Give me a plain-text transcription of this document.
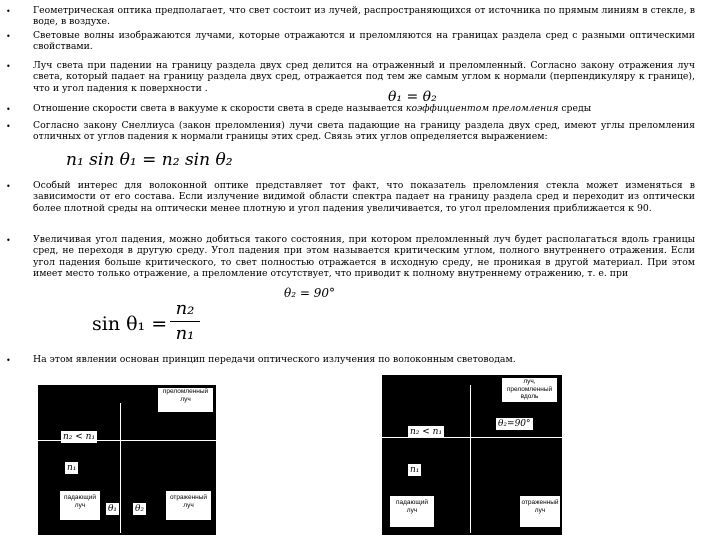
•
•
•
•
•
•
•
•
Геометрическая оптика предполагает, что свет состоит из лучей, распространяющихся от источника по прямым линиям в стекле, в воде, в воздухе.
Световые волны изображаются лучами, которые отражаются и преломляются на границах раздела сред с разными оптическими свойствами.
Луч света при падении на границу раздела двух сред делится на отраженный и преломленный. Согласно закону отражения луч света, который падает на границу раздела двух сред, отражается под тем же самым углом к нормали (перпендикуляру к границе), что и угол падения к поверхности .
Отношение скорости света в вакууме к скорости света в среде называется коэффициентом преломления среды
Согласно закону Снеллиуса (закон преломления) лучи света падающие на границу раздела двух сред, имеют углы преломления отличных от углов падения к нормали границы этих сред. Связь этих углов определяется выражением:
Особый интерес для волоконной оптике представляет тот факт, что показатель преломления стекла может изменяться в зависимости от его состава. Если излучение видимой области спектра падает на границу раздела сред и переходит из оптически более плотной среды на оптически менее плотную и угол падения увеличивается, то угол преломления приближается к 90.
Увеличивая угол падения, можно добиться такого состояния, при котором преломленный луч будет располагаться вдоль границы сред, не переходя в другую среду. Угол падения при этом называется критическим углом, полного внутреннего отражения. Если угол падения больше критического, то свет полностью отражается в исходную среду, не проникая в другой материал. При этом имеет место только отражение, а преломление отсутствует, что приводит к полному внутреннему отражению, т. е. при
На этом явлении основан принцип передачи оптического излучения по волоконным световодам.
θ₁ = θ₂
n₁ sin θ₁ = n₂ sin θ₂
θ₂ = 90°
sin θ₁ =
n₂
n₁
преломленный луч
n₂ < n₁
n₁
падающий луч	θ₁ θ₂
отраженный луч
луч, преломленный вдоль поверхности
n₂ < n₁
θ₂=90°
n₁
падающий луч
отраженный луч
